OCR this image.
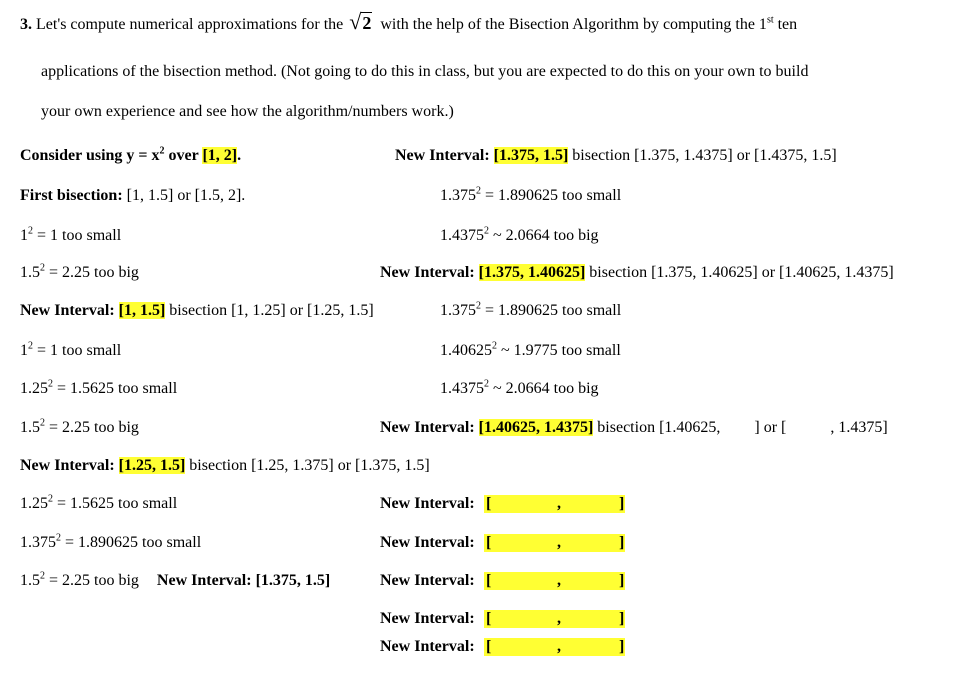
3. Let's compute numerical approximations for the √2 with the help of the Bisection Algorithm by computing the 1st ten
applications of the bisection method. (Not going to do this in class, but you are expected to do this on your own to build
your own experience and see how the algorithm/numbers work.)
Consider using $y = x^2$ over [1, 2].
First bisection: [1, 1.5] or [1.5, 2].
$1^2 = 1$ too small
$1.5^2 = 2.25$ too big
New Interval: [1, 1.5] bisection [1, 1.25] or [1.25, 1.5]
$1^2 = 1$ too small
$1.25^2 = 1.5625$ too small
$1.5^2 = 2.25$ too big
New Interval: [1.25, 1.5] bisection [1.25, 1.375] or [1.375, 1.5]
$1.25^2 = 1.5625$ too small
$1.375^2 = 1.890625$ too small
$1.5^2 = 2.25$ too big New Interval: [1.375, 1.5]
New Interval: [1.375, 1.5] bisection [1.375, 1.4375] or [1.4375, 1.5]
$1.375^2 = 1.890625$ too small
1.4375$^2$ ~ 2.0664 too big
New Interval: [1.375, 1.40625] bisection [1.375, 1.40625] or [1.40625, 1.4375]
$1.375^2 = 1.890625$ too small
1.40625$^2$ ~ 1.9775 too small
1.4375$^2$ ~ 2.0664 too big
New Interval: [1.40625, 1.4375] bisection [1.40625, ] or [	, 1.4375]
New Interval: [	,	]
New Interval: [	,	]
New Interval: [	,	]
New Interval: [	,	]
New Interval: [	,	]
